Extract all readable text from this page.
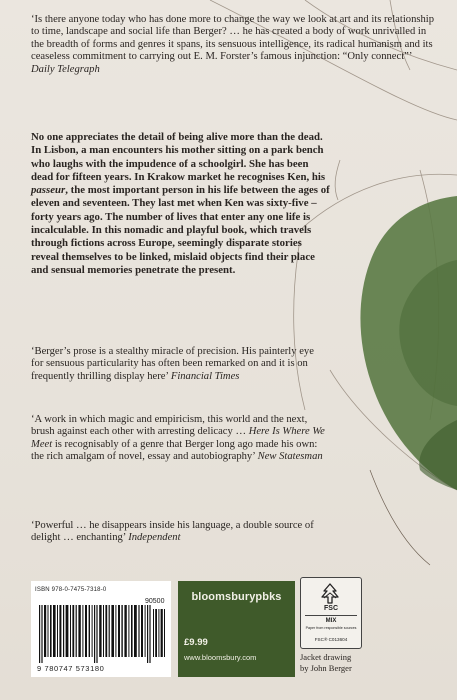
‘Is there anyone today who has done more to change the way we look at art and its relationship to time, landscape and social life than Berger? … he has created a body of work unrivalled in the breadth of forms and genres it spans, its sensuous intelligence, its radical humanism and its ceaseless commitment to carrying out E. M. Forster’s famous injunction: “Only connect”’
Daily Telegraph
No one appreciates the detail of being alive more than the dead. In Lisbon, a man encounters his mother sitting on a park bench who laughs with the impudence of a schoolgirl. She has been dead for fifteen years. In Krakow market he recognises Ken, his passeur, the most important person in his life between the ages of eleven and seventeen. They last met when Ken was sixty-five – forty years ago. The number of lives that enter any one life is incalculable. In this nomadic and playful book, which travels through fictions across Europe, seemingly disparate stories reveal themselves to be linked, mislaid objects find their place and sensual memories penetrate the present.
‘Berger’s prose is a stealthy miracle of precision. His painterly eye for sensuous particularity has often been remarked on and it is on frequently thrilling display here’ Financial Times
‘A work in which magic and empiricism, this world and the next, brush against each other with arresting delicacy … Here Is Where We Meet is recognisably of a genre that Berger long ago made his own: the rich amalgam of novel, essay and autobiography’ New Statesman
‘Powerful … he disappears inside his language, a double source of delight … enchanting’ Independent
ISBN 978-0-7475-7318-0
90500
9 780747 573180
bloomsburypbks
£9.99
www.bloomsbury.com
FSC
MIX
Paper from responsible sources
FSC® C013604
Jacket drawing
by John Berger
